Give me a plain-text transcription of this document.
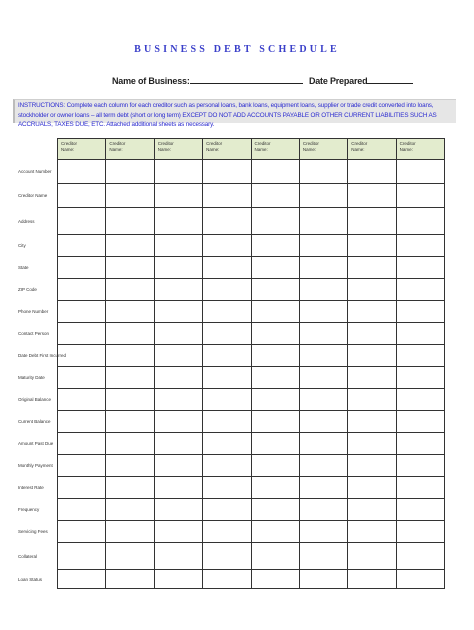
BUSINESS DEBT SCHEDULE
Name of Business:	Date Prepared
INSTRUCTIONS: Complete each column for each creditor such as personal loans, bank loans, equipment loans, supplier or trade credit converted into loans, stockholder or owner loans – all term debt (short or long term) EXCEPT DO NOT ADD ACCOUNTS PAYABLE OR OTHER CURRENT LIABILITIES SUCH AS ACCRUALS, TAXES DUE, ETC. Attached additional sheets as necessary.
Creditor
Name:
Creditor
Name:
Creditor
Name:
Creditor
Name:
Creditor
Name:
Creditor
Name:
Creditor
Name:
Creditor
Name:
Account Number
Creditor Name
Address
City
State
ZIP Code
Phone Number
Contact Person
Date Debt First Incurred
Maturity Date
Original Balance
Current Balance
Amount Past Due
Monthly Payment
Interest Rate
Frequency
Servicing Fees
Collateral
Loan Status
